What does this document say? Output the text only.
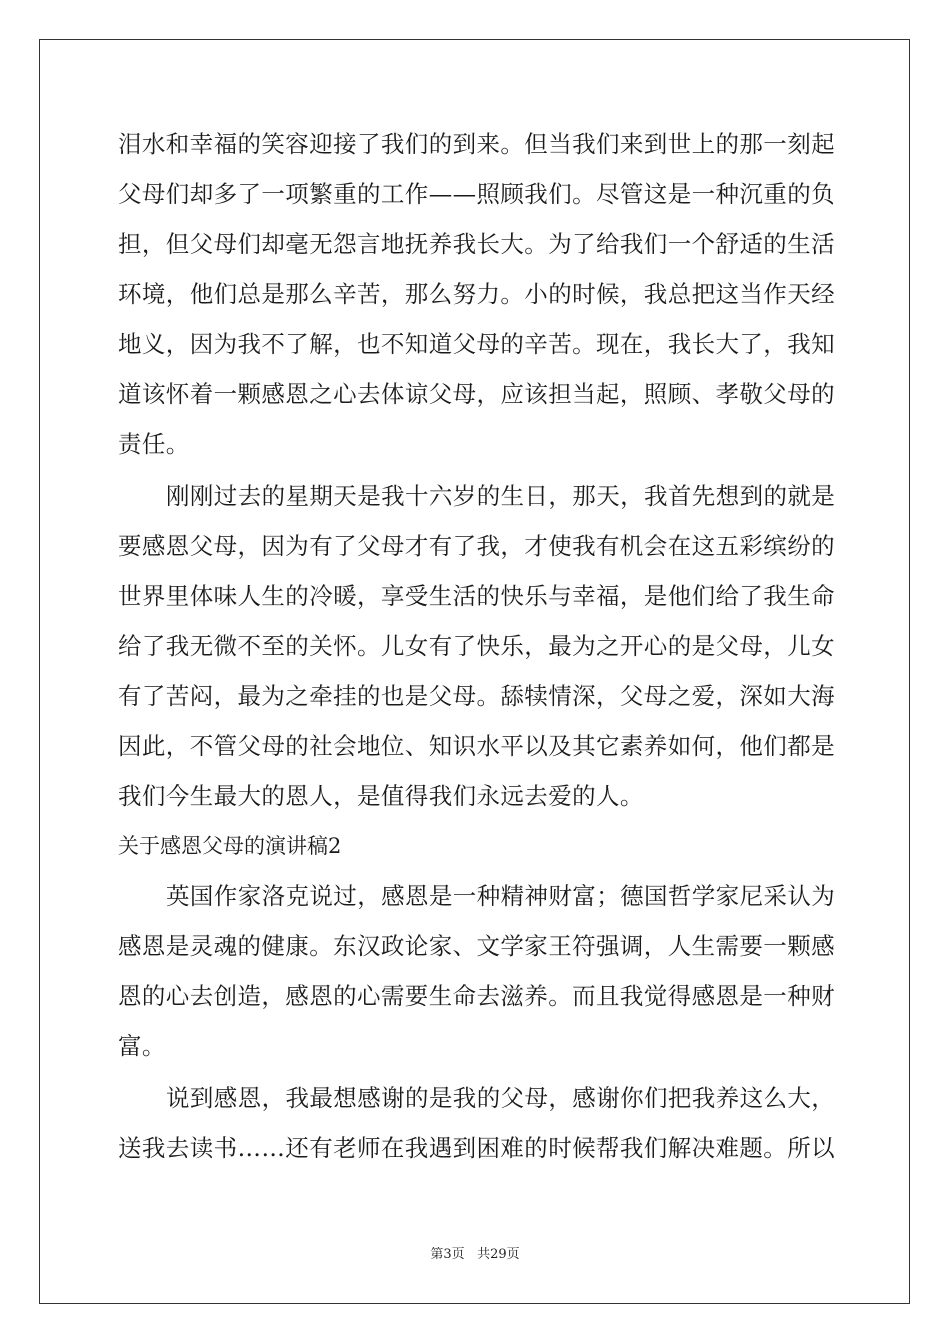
泪水和幸福的笑容迎接了我们的到来。但当我们来到世上的那一刻起
父母们却多了一项繁重的工作——照顾我们。尽管这是一种沉重的负
担，但父母们却毫无怨言地抚养我长大。为了给我们一个舒适的生活
环境，他们总是那么辛苦，那么努力。小的时候，我总把这当作天经
地义，因为我不了解，也不知道父母的辛苦。现在，我长大了，我知
道该怀着一颗感恩之心去体谅父母，应该担当起，照顾、孝敬父母的
责任。
刚刚过去的星期天是我十六岁的生日，那天，我首先想到的就是
要感恩父母，因为有了父母才有了我，才使我有机会在这五彩缤纷的
世界里体味人生的冷暖，享受生活的快乐与幸福，是他们给了我生命
给了我无微不至的关怀。儿女有了快乐，最为之开心的是父母，儿女
有了苦闷，最为之牵挂的也是父母。舔犊情深，父母之爱，深如大海
因此，不管父母的社会地位、知识水平以及其它素养如何，他们都是
我们今生最大的恩人，是值得我们永远去爱的人。
关于感恩父母的演讲稿2
英国作家洛克说过，感恩是一种精神财富；德国哲学家尼采认为
感恩是灵魂的健康。东汉政论家、文学家王符强调，人生需要一颗感
恩的心去创造，感恩的心需要生命去滋养。而且我觉得感恩是一种财
富。
说到感恩，我最想感谢的是我的父母，感谢你们把我养这么大，
送我去读书……还有老师在我遇到困难的时候帮我们解决难题。所以
第3页 共29页
